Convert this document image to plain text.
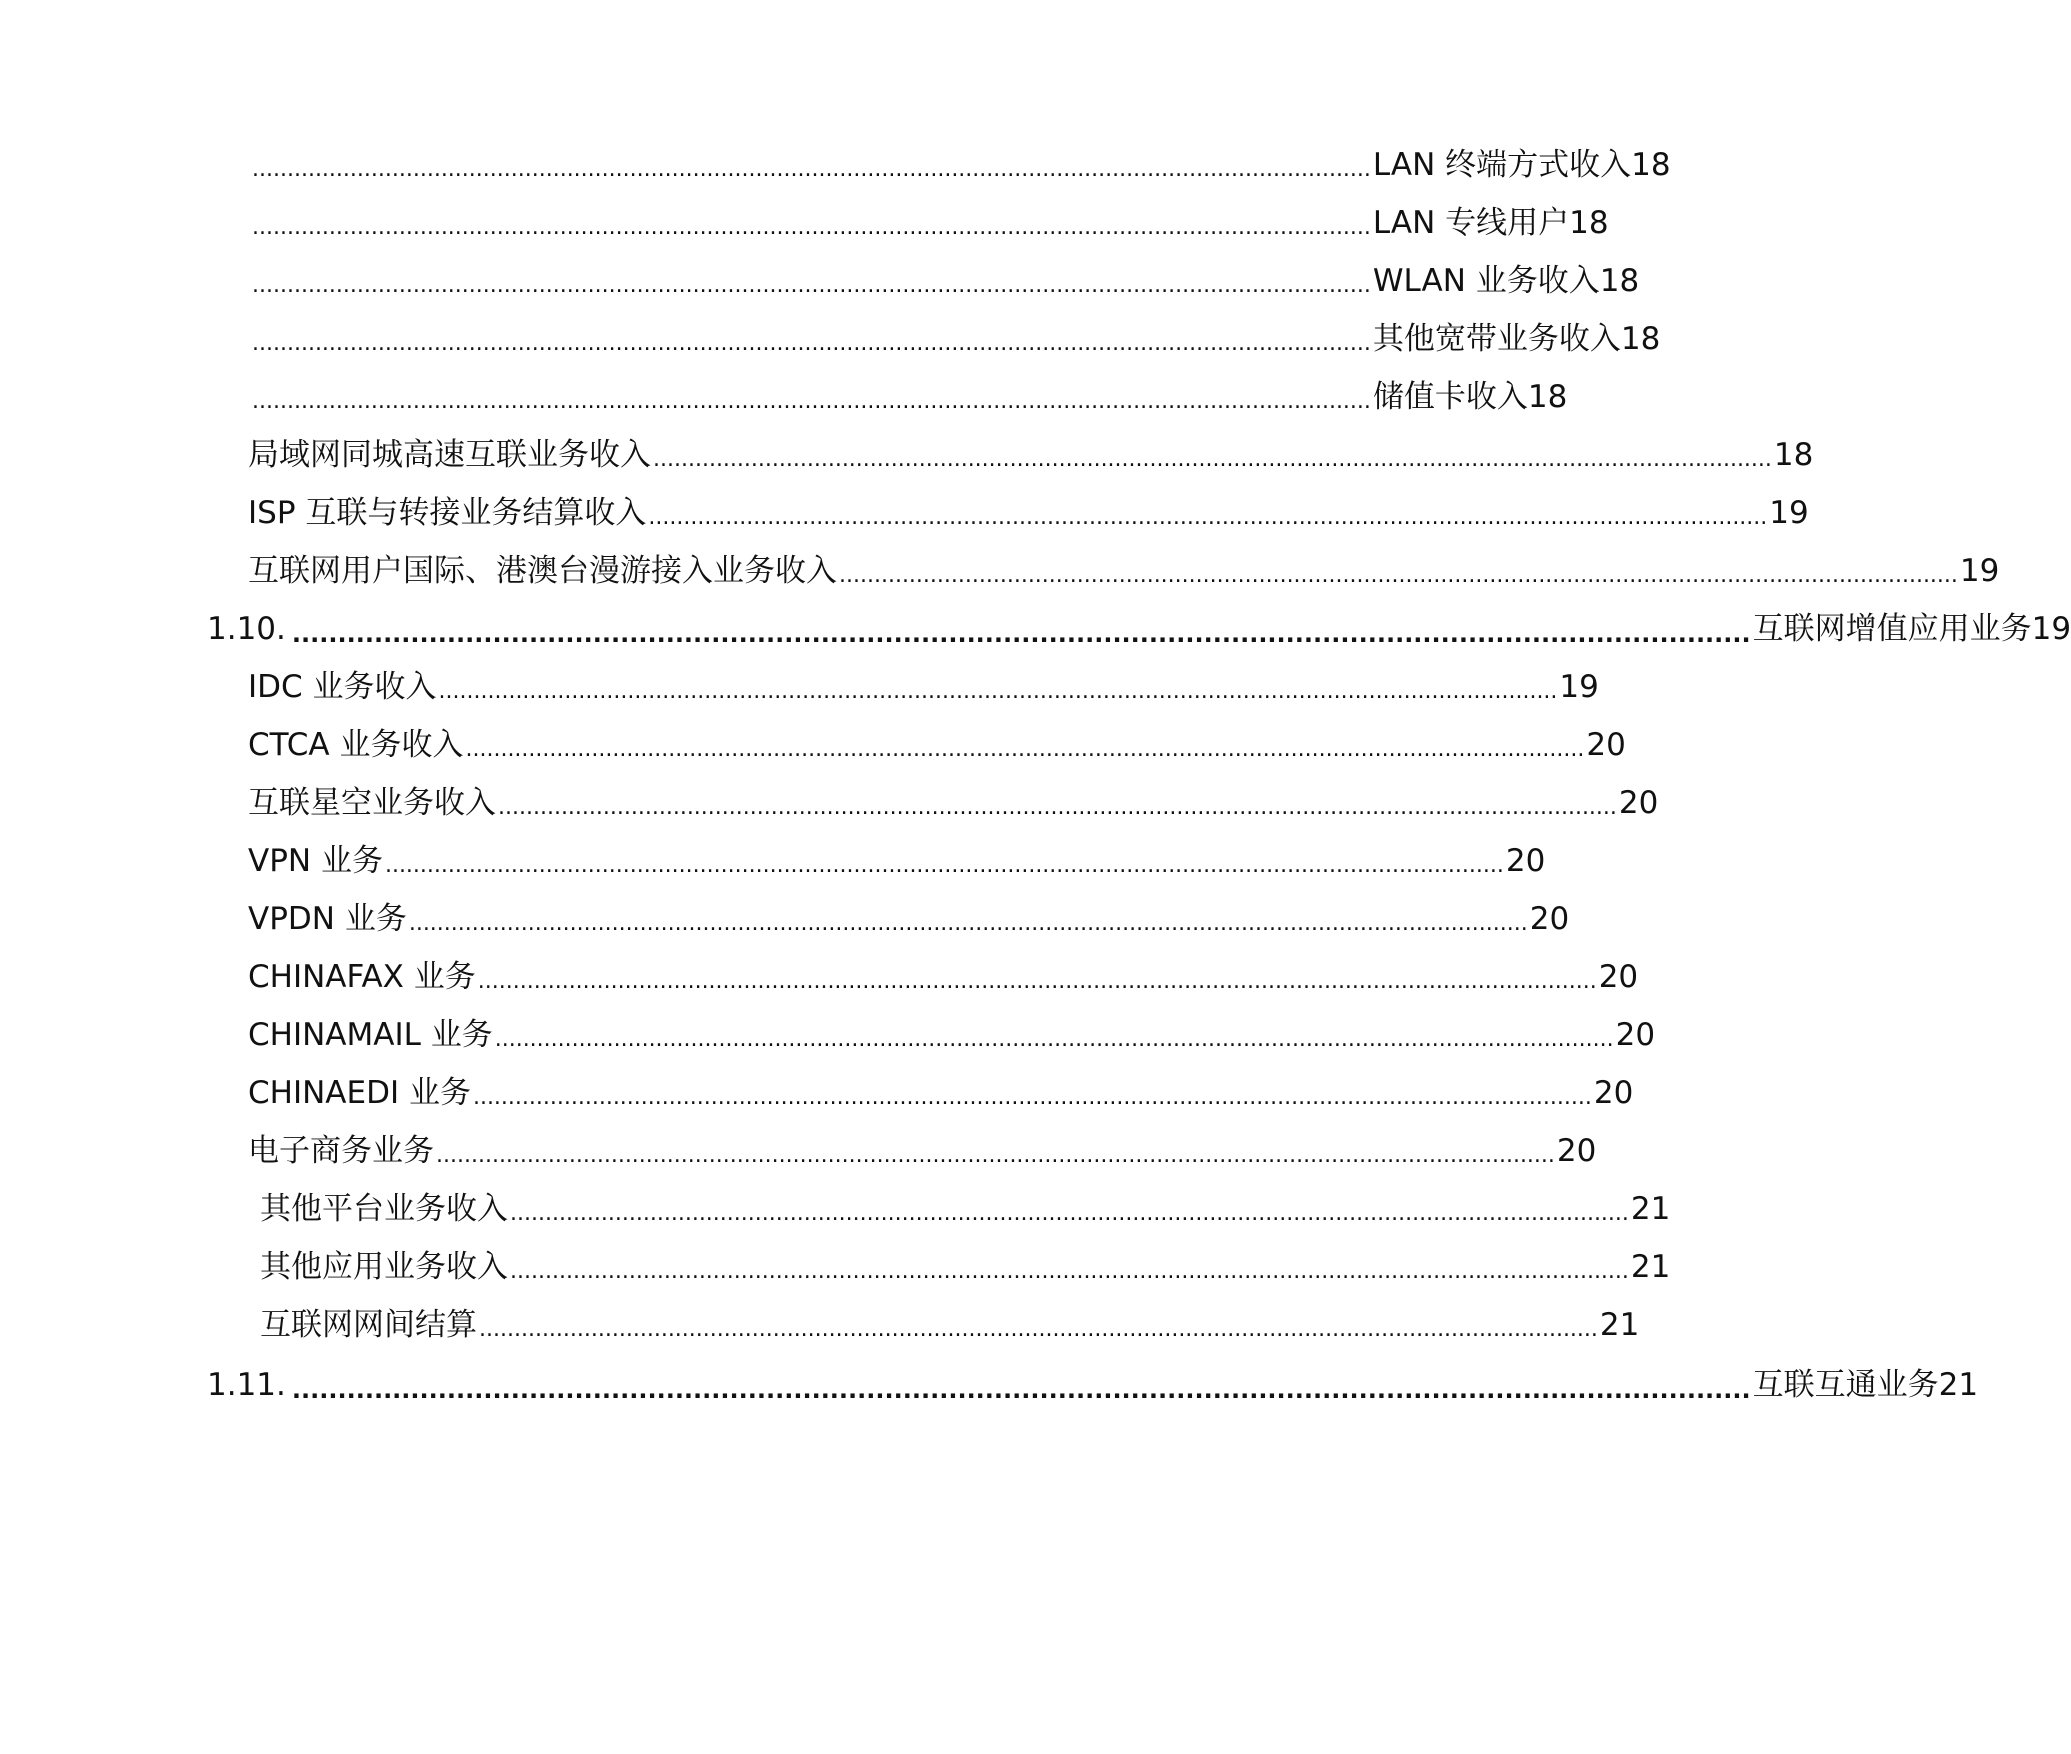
................................................................................................................................................................ LAN 终端方式收入 18
................................................................................................................................................................ LAN 专线用户 18
................................................................................................................................................................ WLAN 业务收入 18
................................................................................................................................................................ 其他宽带业务收入 18
................................................................................................................................................................ 储值卡收入 18
局域网同城高速互联业务收入 ................................................................................................................................................................ 18
ISP 互联与转接业务结算收入 ................................................................................................................................................................ 19
互联网用户国际、港澳台漫游接入业务收入 ................................................................................................................................................................ 19
1.10. ................................................................................................................................................................ 互联网增值应用业务 19
IDC 业务收入 ................................................................................................................................................................ 19
CTCA 业务收入 ................................................................................................................................................................ 20
互联星空业务收入 ................................................................................................................................................................ 20
VPN 业务 ................................................................................................................................................................ 20
VPDN 业务 ................................................................................................................................................................ 20
CHINAFAX 业务 ................................................................................................................................................................ 20
CHINAMAIL 业务 ................................................................................................................................................................ 20
CHINAEDI 业务 ................................................................................................................................................................ 20
电子商务业务 ................................................................................................................................................................ 20
其他平台业务收入 ................................................................................................................................................................ 21
其他应用业务收入 ................................................................................................................................................................ 21
互联网网间结算 ................................................................................................................................................................ 21
1.11. ................................................................................................................................................................ 互联互通业务 21
